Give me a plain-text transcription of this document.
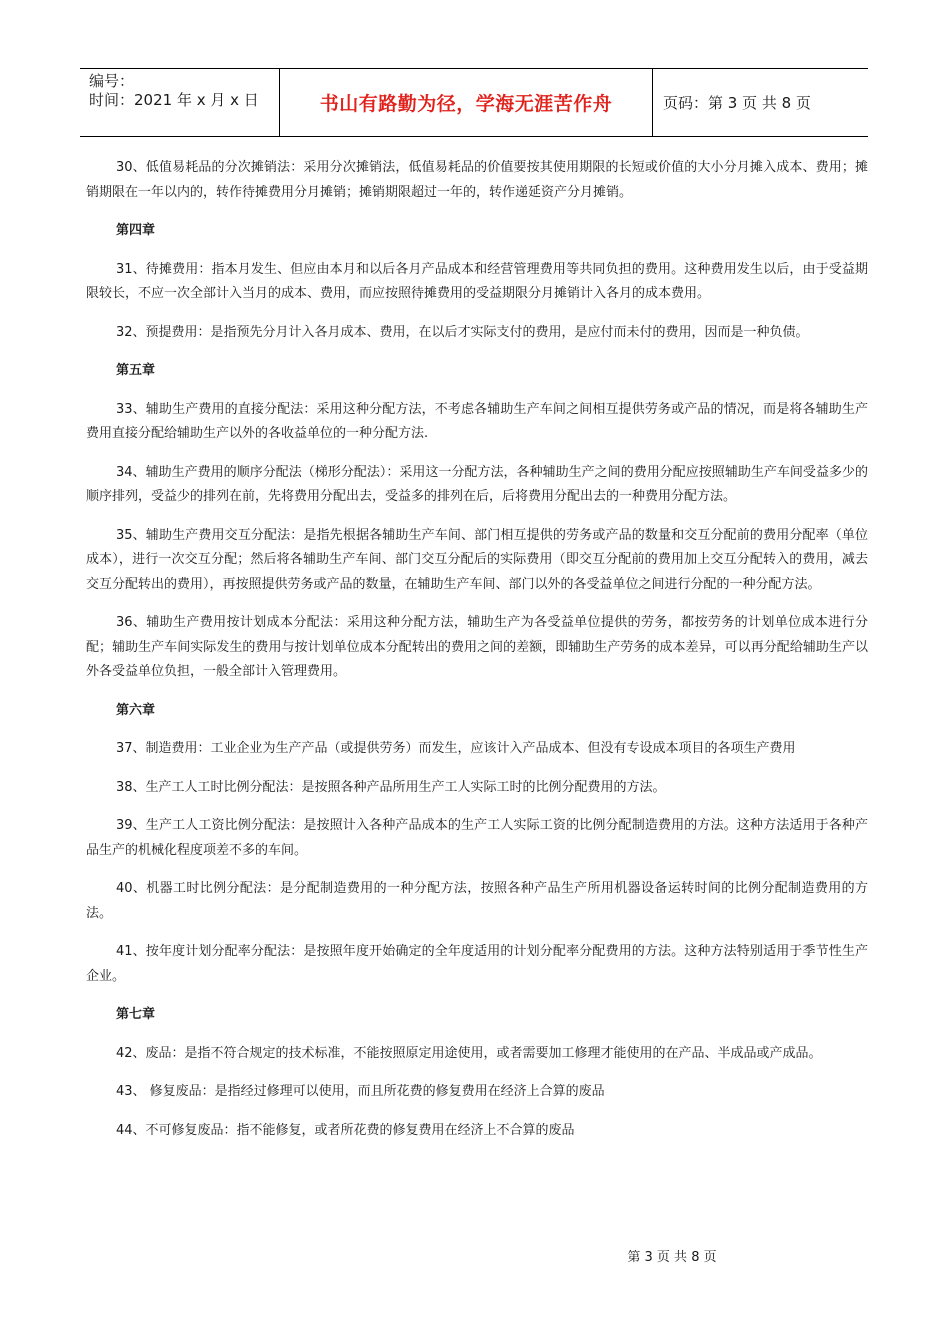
编号：
时间：2021 年 x 月 x 日	书山有路勤为径，学海无涯苦作舟	页码：第 3 页 共 8 页
30、低值易耗品的分次摊销法：采用分次摊销法，低值易耗品的价值要按其使用期限的长短或价值的大小分月摊入成本、费用；摊销期限在一年以内的，转作待摊费用分月摊销；摊销期限超过一年的，转作递延资产分月摊销。
第四章
31、待摊费用：指本月发生、但应由本月和以后各月产品成本和经营管理费用等共同负担的费用。这种费用发生以后，由于受益期限较长，不应一次全部计入当月的成本、费用，而应按照待摊费用的受益期限分月摊销计入各月的成本费用。
32、预提费用：是指预先分月计入各月成本、费用，在以后才实际支付的费用，是应付而未付的费用，因而是一种负债。
第五章
33、辅助生产费用的直接分配法：采用这种分配方法，不考虑各辅助生产车间之间相互提供劳务或产品的情况，而是将各辅助生产费用直接分配给辅助生产以外的各收益单位的一种分配方法.
34、辅助生产费用的顺序分配法（梯形分配法）：采用这一分配方法，各种辅助生产之间的费用分配应按照辅助生产车间受益多少的顺序排列，受益少的排列在前，先将费用分配出去，受益多的排列在后，后将费用分配出去的一种费用分配方法。
35、辅助生产费用交互分配法：是指先根据各辅助生产车间、部门相互提供的劳务或产品的数量和交互分配前的费用分配率（单位成本），进行一次交互分配；然后将各辅助生产车间、部门交互分配后的实际费用（即交互分配前的费用加上交互分配转入的费用，减去交互分配转出的费用），再按照提供劳务或产品的数量，在辅助生产车间、部门以外的各受益单位之间进行分配的一种分配方法。
36、辅助生产费用按计划成本分配法：采用这种分配方法，辅助生产为各受益单位提供的劳务，都按劳务的计划单位成本进行分配；辅助生产车间实际发生的费用与按计划单位成本分配转出的费用之间的差额，即辅助生产劳务的成本差异，可以再分配给辅助生产以外各受益单位负担，一般全部计入管理费用。
第六章
37、制造费用：工业企业为生产产品（或提供劳务）而发生，应该计入产品成本、但没有专设成本项目的各项生产费用
38、生产工人工时比例分配法：是按照各种产品所用生产工人实际工时的比例分配费用的方法。
39、生产工人工资比例分配法：是按照计入各种产品成本的生产工人实际工资的比例分配制造费用的方法。这种方法适用于各种产品生产的机械化程度项差不多的车间。
40、机器工时比例分配法：是分配制造费用的一种分配方法，按照各种产品生产所用机器设备运转时间的比例分配制造费用的方法。
41、按年度计划分配率分配法：是按照年度开始确定的全年度适用的计划分配率分配费用的方法。这种方法特别适用于季节性生产企业。
第七章
42、废品：是指不符合规定的技术标准，不能按照原定用途使用，或者需要加工修理才能使用的在产品、半成品或产成品。
43、 修复废品：是指经过修理可以使用，而且所花费的修复费用在经济上合算的废品
44、不可修复废品：指不能修复，或者所花费的修复费用在经济上不合算的废品
第 3 页 共 8 页
